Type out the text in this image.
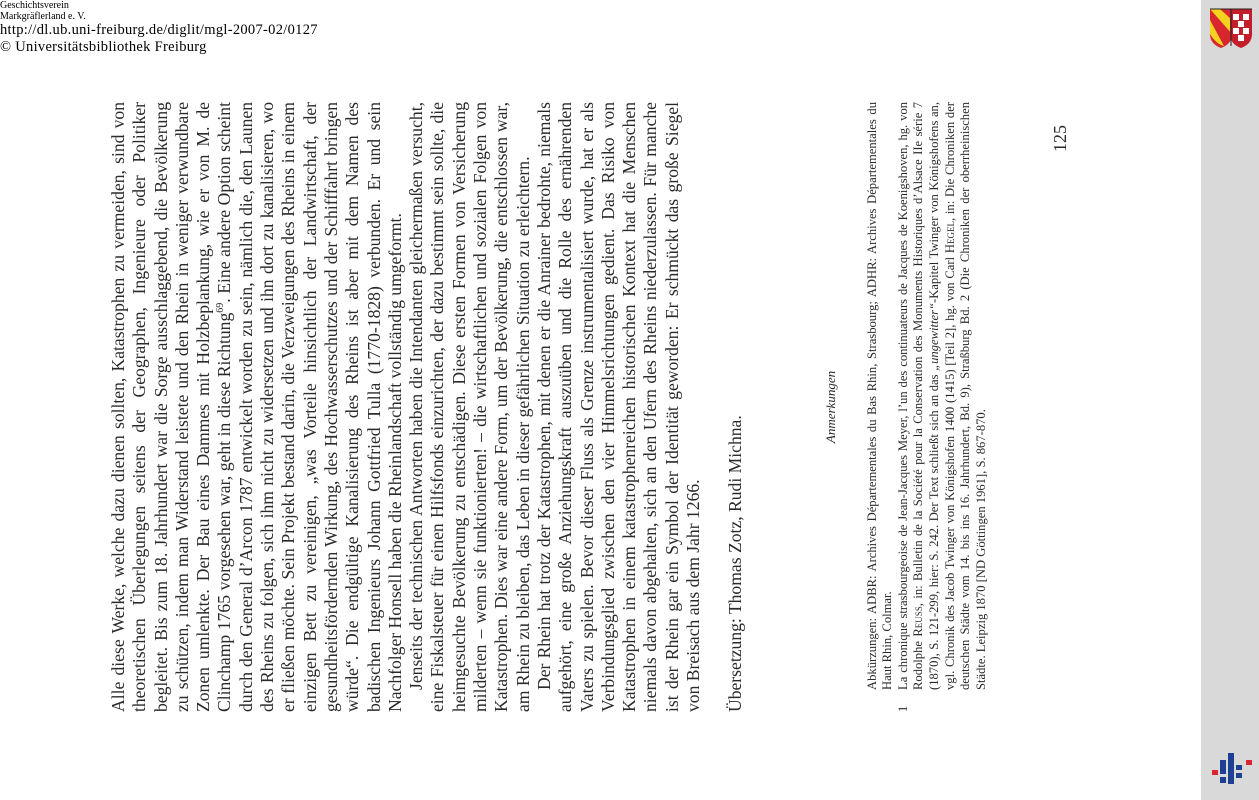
Alle diese Werke, welche dazu dienen sollten, Katastrophen zu vermeiden, sind von theoretischen Überlegungen seitens der Geographen, Ingenieure oder Politiker begleitet. Bis zum 18. Jahrhundert war die Sorge ausschlaggebend, die Bevölkerung zu schützen, indem man Widerstand leistete und den Rhein in weniger verwundbare Zonen umlenkte. Der Bau eines Dammes mit Holzbeplankung, wie er von M. de Clinchamp 1765 vorgesehen war, geht in diese Richtung$^{69}$. Eine andere Option scheint durch den General d’Arcon 1787 entwickelt worden zu sein, nämlich die, den Launen des Rheins zu folgen, sich ihm nicht zu widersetzen und ihn dort zu kanalisieren, wo er fließen möchte. Sein Projekt bestand darin, die Verzweigungen des Rheins in einem einzigen Bett zu vereinigen, „was Vorteile hinsichtlich der Landwirtschaft, der gesundheitsfördernden Wirkung, des Hochwasserschutzes und der Schifffahrt bringen würde“. Die endgültige Kanalisierung des Rheins ist aber mit dem Namen des badischen Ingenieurs Johann Gottfried Tulla (1770-1828) verbunden. Er und sein Nachfolger Honsell haben die Rheinlandschaft vollständig umgeformt. Jenseits der technischen Antworten haben die Intendanten gleichermaßen versucht, eine Fiskalsteuer für einen Hilfsfonds einzurichten, der dazu bestimmt sein sollte, die heimgesuchte Bevölkerung zu entschädigen. Diese ersten Formen von Versicherung milderten – wenn sie funktionierten! – die wirtschaftlichen und sozialen Folgen von Katastrophen. Dies war eine andere Form, um der Bevölkerung, die entschlossen war, am Rhein zu bleiben, das Leben in dieser gefährlichen Situation zu erleichtern. Der Rhein hat trotz der Katastrophen, mit denen er die Anrainer bedrohte, niemals aufgehört, eine große Anziehungskraft auszuüben und die Rolle des ernährenden Vaters zu spielen. Bevor dieser Fluss als Grenze instrumentalisiert wurde, hat er als Verbindungsglied zwischen den vier Himmelsrichtungen gedient. Das Risiko von Katastrophen in einem katastrophenreichen historischen Kontext hat die Menschen niemals davon abgehalten, sich an den Ufern des Rheins niederzulassen. Für manche ist der Rhein gar ein Symbol der Identität geworden: Er schmückt das große Siegel von Breisach aus dem Jahr 1266. Übersetzung: Thomas Zotz, Rudi Michna.

Anmerkungen Abkürzungen: ADBR: Archives Départementales du Bas Rhin, Strasbourg; ADHR: Archives Départementales du Haut Rhin, Colmar.

1
La chronique strasbourgeoise de Jean-Jacques Meyer, l’un des continuateurs de Jacques de Koenigshoven, hg. von Rodolphe Reuss, in: Bulletin de la Société pour la Conservation des Monuments Historiques d’Alsace IIe série 7 (1870), S. 121-299, hier: S. 242. Der Text schließt sich an das „ungewitter“-Kapitel Twinger von Königshofens an, vgl. Chronik des Jacob Twinger von Königshofen 1400 (1415) [Teil 2], hg. von Carl Hegel, in: Die Chroniken der deutschen Städte vom 14. bis ins 16. Jahrhundert, Bd. 9), Straßburg Bd. 2 (Die Chroniken der oberrheinischen Städte. Leipzig 1870 [ND Göttingen 1961], S. 867-870.

125
Geschichtsverein
Markgräflerland e. V.
http://dl.ub.uni-freiburg.de/diglit/mgl-2007-02/0127
© Universitätsbibliothek Freiburg
